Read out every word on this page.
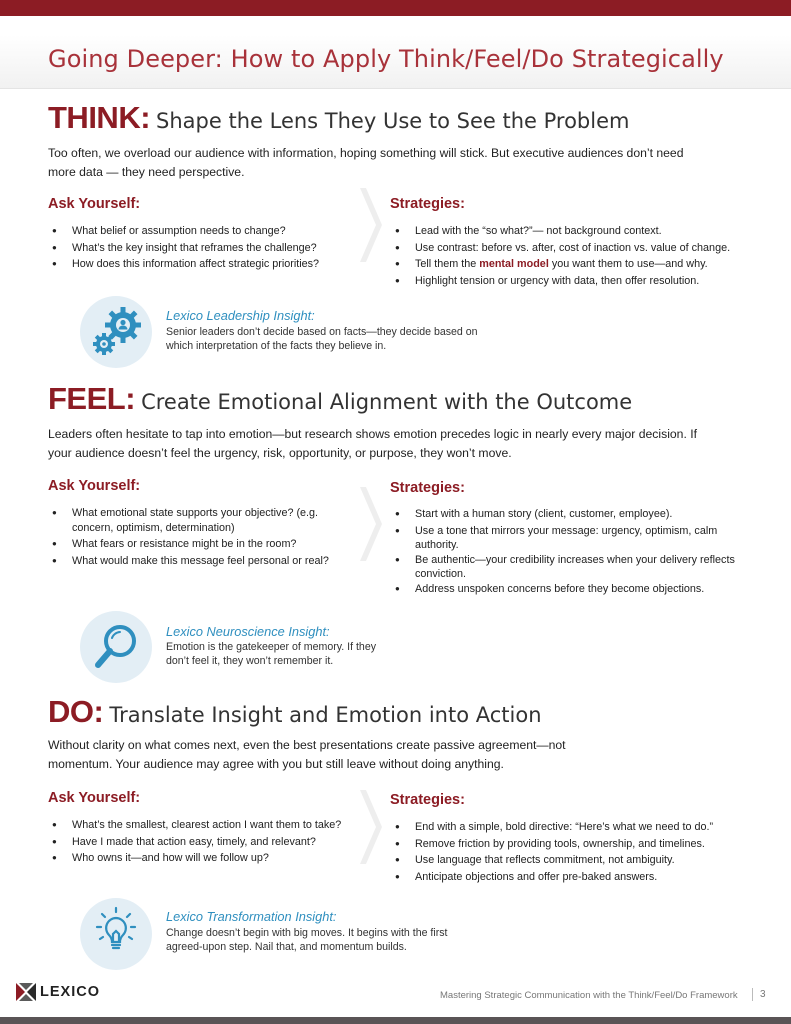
Going Deeper: How to Apply Think/Feel/Do Strategically
THINK: Shape the Lens They Use to See the Problem

Too often, we overload our audience with information, hoping something will stick. But executive audiences don’t need more data — they need perspective.

Ask Yourself:
● What belief or assumption needs to change?
● What’s the key insight that reframes the challenge?
● How does this information affect strategic priorities?
Strategies:
● Lead with the “so what?”— not background context.
● Use contrast: before vs. after, cost of inaction vs. value of change.
● Tell them the mental model you want them to use—and why.
● Highlight tension or urgency with data, then offer resolution.
Lexico Leadership Insight:

Senior leaders don’t decide based on facts—they decide based on which interpretation of the facts they believe in.

FEEL: Create Emotional Alignment with the Outcome

Leaders often hesitate to tap into emotion—but research shows emotion precedes logic in nearly every major decision. If your audience doesn’t feel the urgency, risk, opportunity, or purpose, they won’t move.

Ask Yourself:
● What emotional state supports your objective? (e.g. concern, optimism, determination)
● What fears or resistance might be in the room?
● What would make this message feel personal or real?
Strategies:
● Start with a human story (client, customer, employee).
● Use a tone that mirrors your message: urgency, optimism, calm authority.
● Be authentic—your credibility increases when your delivery reflects conviction.
● Address unspoken concerns before they become objections.
Lexico Neuroscience Insight:

Emotion is the gatekeeper of memory. If they don’t feel it, they won’t remember it.

DO: Translate Insight and Emotion into Action

Without clarity on what comes next, even the best presentations create passive agreement—not momentum. Your audience may agree with you but still leave without doing anything.

Ask Yourself:
● What’s the smallest, clearest action I want them to take?
● Have I made that action easy, timely, and relevant?
● Who owns it—and how will we follow up?
Strategies:
● End with a simple, bold directive: “Here’s what we need to do.”
● Remove friction by providing tools, ownership, and timelines.
● Use language that reflects commitment, not ambiguity.
● Anticipate objections and offer pre-baked answers.
Lexico Transformation Insight:

Change doesn’t begin with big moves. It begins with the first agreed-upon step. Nail that, and momentum builds.

LEXICO	Mastering Strategic Communication with the Think/Feel/Do Framework 3
